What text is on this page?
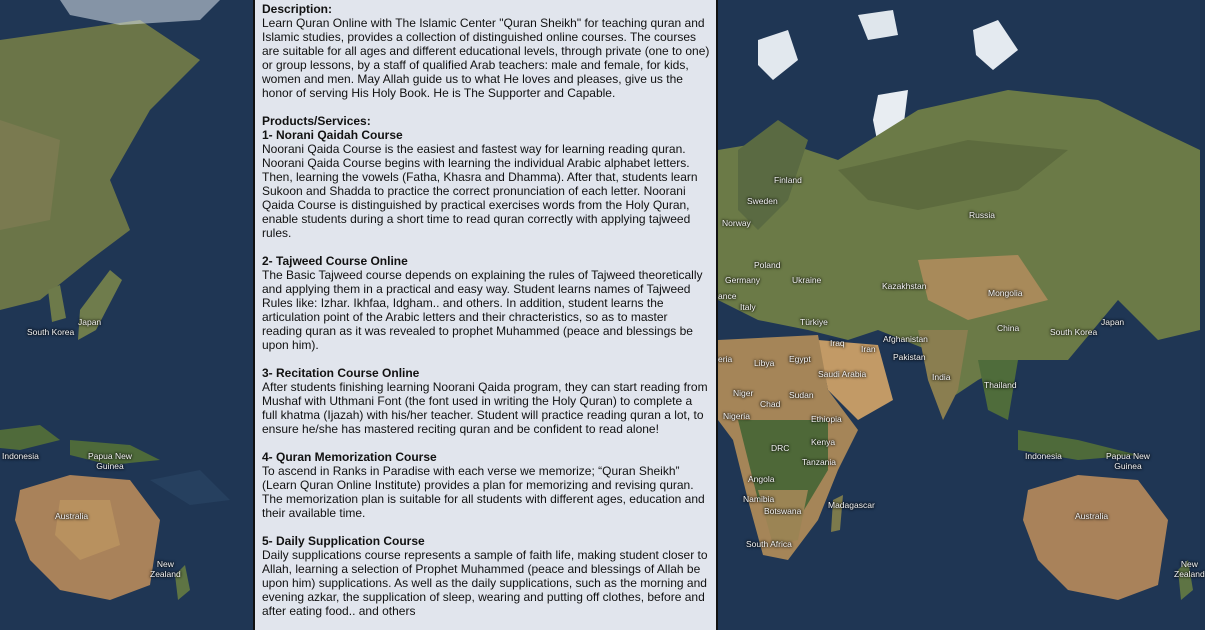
Japan
South Korea
Indonesia	Papua New
Guinea
Australia
New
Zealand
Finland
Sweden
Norway
Russia
Poland
Germany	Ukraine
ance
Kazakhstan
Mongolia
Italy
Türkiye
China	South Korea
Japan
Afghanistan
Iraq
Iran
Pakistan
eria	Libya Egypt
Saudi Arabia	India
Thailand
Niger
Chad
Sudan
Nigeria	Ethiopia
DRC
Kenya
Tanzania
Angola
Namibia
Botswana
Madagascar
South Africa
Indonesia	Papua New
Guinea
Australia
New
Zealand

Description:

Learn Quran Online with The Islamic Center "Quran Sheikh" for teaching quran and Islamic studies, provides a collection of distinguished online courses. The courses are suitable for all ages and different educational levels, through private (one to one) or group lessons, by a staff of qualified Arab teachers: male and female, for kids, women and men. May Allah guide us to what He loves and pleases, give us the honor of serving His Holy Book. He is The Supporter and Capable.

Products/Services:

1- Norani Qaidah Course

Noorani Qaida Course is the easiest and fastest way for learning reading quran. Noorani Qaida Course begins with learning the individual Arabic alphabet letters. Then, learning the vowels (Fatha, Khasra and Dhamma). After that, students learn Sukoon and Shadda to practice the correct pronunciation of each letter. Noorani Qaida Course is distinguished by practical exercises words from the Holy Quran, enable students during a short time to read quran correctly with applying tajweed rules.

2- Tajweed Course Online

The Basic Tajweed course depends on explaining the rules of Tajweed theoretically and applying them in a practical and easy way. Student learns names of Tajweed Rules like: Izhar. Ikhfaa, Idgham.. and others. In addition, student learns the articulation point of the Arabic letters and their chracteristics, so as to master reading quran as it was revealed to prophet Muhammed (peace and blessings be upon him).

3- Recitation Course Online

After students finishing learning Noorani Qaida program, they can start reading from Mushaf with Uthmani Font (the font used in writing the Holy Quran) to complete a full khatma (Ijazah) with his/her teacher. Student will practice reading quran a lot, to ensure he/she has mastered reciting quran and be confident to read alone!

4- Quran Memorization Course

To ascend in Ranks in Paradise with each verse we memorize; “Quran Sheikh” (Learn Quran Online Institute) provides a plan for memorizing and revising quran. The memorization plan is suitable for all students with different ages, education and their available time.

5- Daily Supplication Course

Daily supplications course represents a sample of faith life, making student closer to Allah, learning a selection of Prophet Muhammed (peace and blessings of Allah be upon him) supplications. As well as the daily supplications, such as the morning and evening azkar, the supplication of sleep, wearing and putting off clothes, before and after eating food.. and others
